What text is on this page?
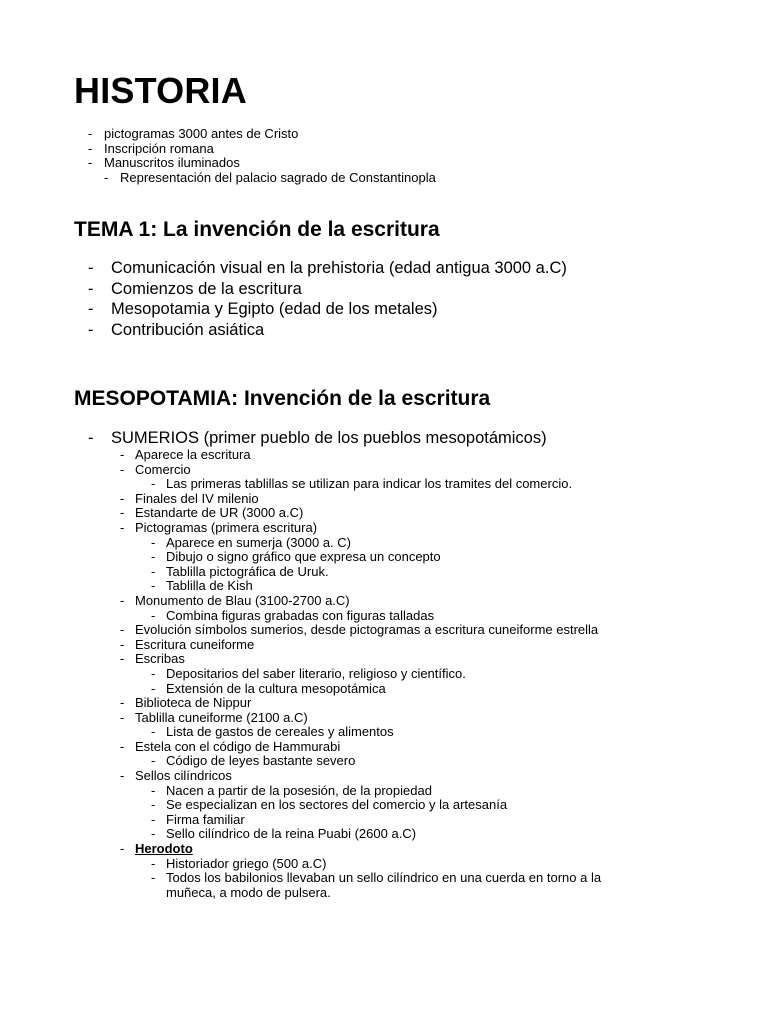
HISTORIA
- pictogramas 3000 antes de Cristo
- Inscripción romana
- Manuscritos iluminados
- Representación del palacio sagrado de Constantinopla
TEMA 1: La invención de la escritura
- Comunicación visual en la prehistoria (edad antigua 3000 a.C)
- Comienzos de la escritura
- Mesopotamia y Egipto (edad de los metales)
- Contribución asiática
MESOPOTAMIA: Invención de la escritura
- SUMERIOS (primer pueblo de los pueblos mesopotámicos)
- Aparece la escritura
- Comercio
- Las primeras tablillas se utilizan para indicar los tramites del comercio.
- Finales del IV milenio
- Estandarte de UR (3000 a.C)
- Pictogramas (primera escritura)
- Aparece en sumerja (3000 a. C)
- Dibujo o signo gráfico que expresa un concepto
- Tablilla pictográfica de Uruk.
- Tablilla de Kish
- Monumento de Blau (3100-2700 a.C)
- Combina figuras grabadas con figuras talladas
- Evolución símbolos sumerios, desde pictogramas a escritura cuneiforme estrella
- Escritura cuneiforme
- Escribas
- Depositarios del saber literario, religioso y científico.
- Extensión de la cultura mesopotámica
- Biblioteca de Nippur
- Tablilla cuneiforme (2100 a.C)
- Lista de gastos de cereales y alimentos
- Estela con el código de Hammurabi
- Código de leyes bastante severo
- Sellos cilíndricos
- Nacen a partir de la posesión, de la propiedad
- Se especializan en los sectores del comercio y la artesanía
- Firma familiar
- Sello cilíndrico de la reina Puabi (2600 a.C)
- Herodoto
- Historiador griego (500 a.C)
- Todos los babilonios llevaban un sello cilíndrico en una cuerda en torno a la
muñeca, a modo de pulsera.
